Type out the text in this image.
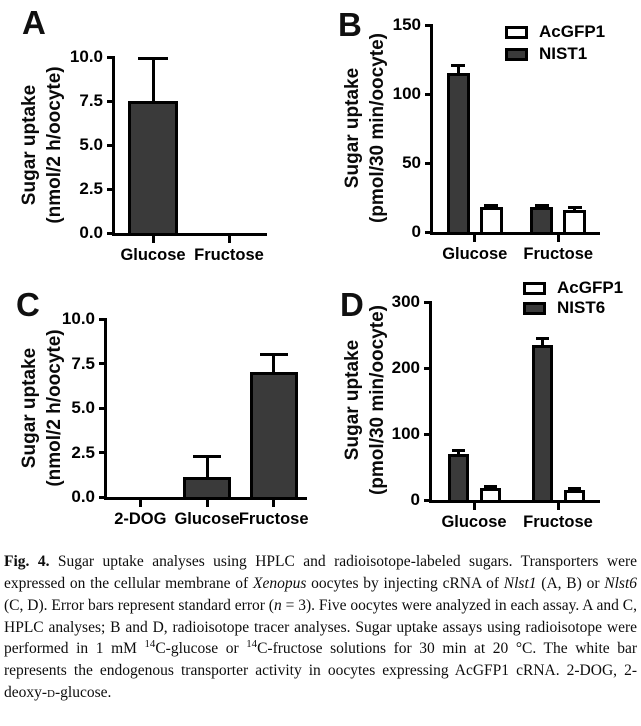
A
Sugar uptake (nmol/2 h/oocyte)
0.0
2.5
5.0
7.5
10.0
Glucose Fructose
B
Sugar uptake (pmol/30 min/oocyte)
0
50
100
150
Glucose Fructose
AcGFP1
NIST1
C
Sugar uptake (nmol/2 h/oocyte)
0.0
2.5
5.0
7.5
10.0
2-DOG Glucose Fructose
D
Sugar uptake (pmol/30 min/oocyte)
0
100
200
300
Glucose	Fructose
AcGFP1
NIST6
Fig. 4. Sugar uptake analyses using HPLC and radioisotope-labeled sugars. Transporters were expressed on the cellular membrane of Xenopus oocytes by injecting cRNA of Nlst1 (A, B) or Nlst6 (C, D). Error bars represent standard error (n = 3). Five oocytes were analyzed in each assay. A and C, HPLC analyses; B and D, radioisotope tracer analyses. Sugar uptake assays using radioisotope were performed in 1 mM $^{14}$C-glucose or $^{14}$C-fructose solutions for 30 min at 20 °C. The white bar represents the endogenous transporter activity in oocytes expressing AcGFP1 cRNA. 2-DOG, 2-deoxy-d-glucose.
